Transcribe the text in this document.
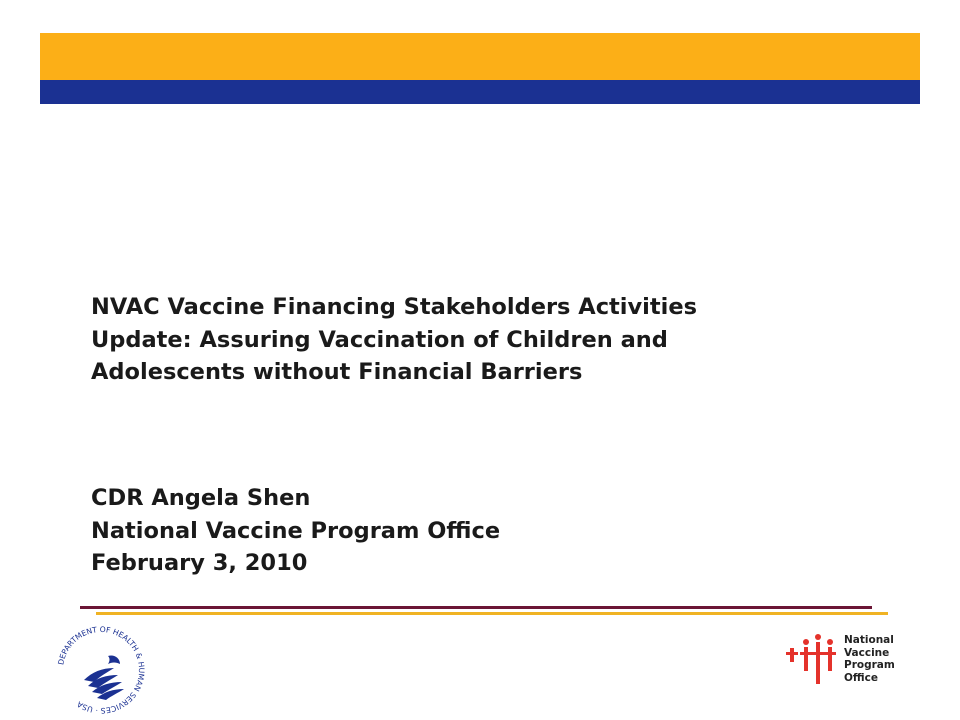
NVAC Vaccine Financing Stakeholders Activities
Update: Assuring Vaccination of Children and
Adolescents without Financial Barriers
CDR Angela Shen
National Vaccine Program Office
February 3, 2010
DEPARTMENT OF HEALTH & HUMAN SERVICES · USA
National
Vaccine
Program
Office
